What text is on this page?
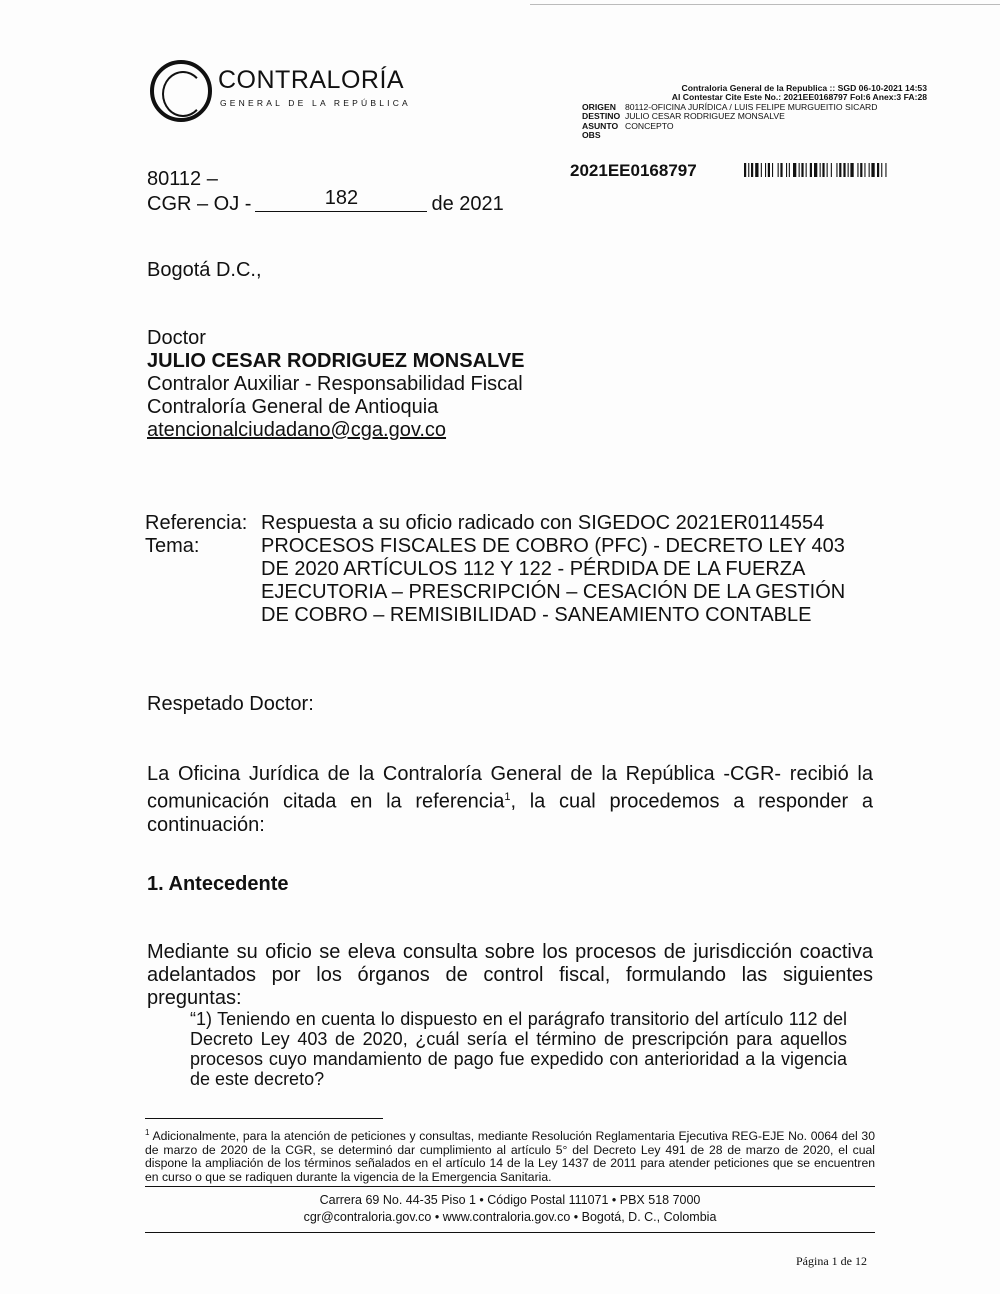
CONTRALORÍA
GENERAL DE LA REPÚBLICA
Contraloria General de la Republica :: SGD 06-10-2021 14:53
Al Contestar Cite Este No.: 2021EE0168797 Fol:6 Anex:3 FA:28
ORIGEN	80112-OFICINA JURÍDICA / LUIS FELIPE MURGUEITIO SICARD
DESTINO JULIO CESAR RODRIGUEZ MONSALVE
ASUNTO CONCEPTO
OBS
2021EE0168797
80112 –
CGR – OJ -	182	de 2021
Bogotá D.C.,
Doctor
JULIO CESAR RODRIGUEZ MONSALVE
Contralor Auxiliar - Responsabilidad Fiscal
Contraloría General de Antioquia
atencionalciudadano@cga.gov.co
Referencia: Respuesta a su oficio radicado con SIGEDOC 2021ER0114554
Tema:	PROCESOS FISCALES DE COBRO (PFC) - DECRETO LEY 403 DE 2020 ARTÍCULOS 112 Y 122 - PÉRDIDA DE LA FUERZA EJECUTORIA – PRESCRIPCIÓN – CESACIÓN DE LA GESTIÓN DE COBRO – REMISIBILIDAD - SANEAMIENTO CONTABLE
Respetado Doctor:
La Oficina Jurídica de la Contraloría General de la República -CGR- recibió la comunicación citada en la referencia$^1$, la cual procedemos a responder a continuación:
1. Antecedente
Mediante su oficio se eleva consulta sobre los procesos de jurisdicción coactiva adelantados por los órganos de control fiscal, formulando las siguientes preguntas:
“1) Teniendo en cuenta lo dispuesto en el parágrafo transitorio del artículo 112 del Decreto Ley 403 de 2020, ¿cuál sería el término de prescripción para aquellos procesos cuyo mandamiento de pago fue expedido con anterioridad a la vigencia de este decreto?
$^1$ Adicionalmente, para la atención de peticiones y consultas, mediante Resolución Reglamentaria Ejecutiva REG-EJE No. 0064 del 30 de marzo de 2020 de la CGR, se determinó dar cumplimiento al artículo 5° del Decreto Ley 491 de 28 de marzo de 2020, el cual dispone la ampliación de los términos señalados en el artículo 14 de la Ley 1437 de 2011 para atender peticiones que se encuentren en curso o que se radiquen durante la vigencia de la Emergencia Sanitaria.
Carrera 69 No. 44-35 Piso 1 • Código Postal 111071 • PBX 518 7000
cgr@contraloria.gov.co • www.contraloria.gov.co • Bogotá, D. C., Colombia
Página 1 de 12
